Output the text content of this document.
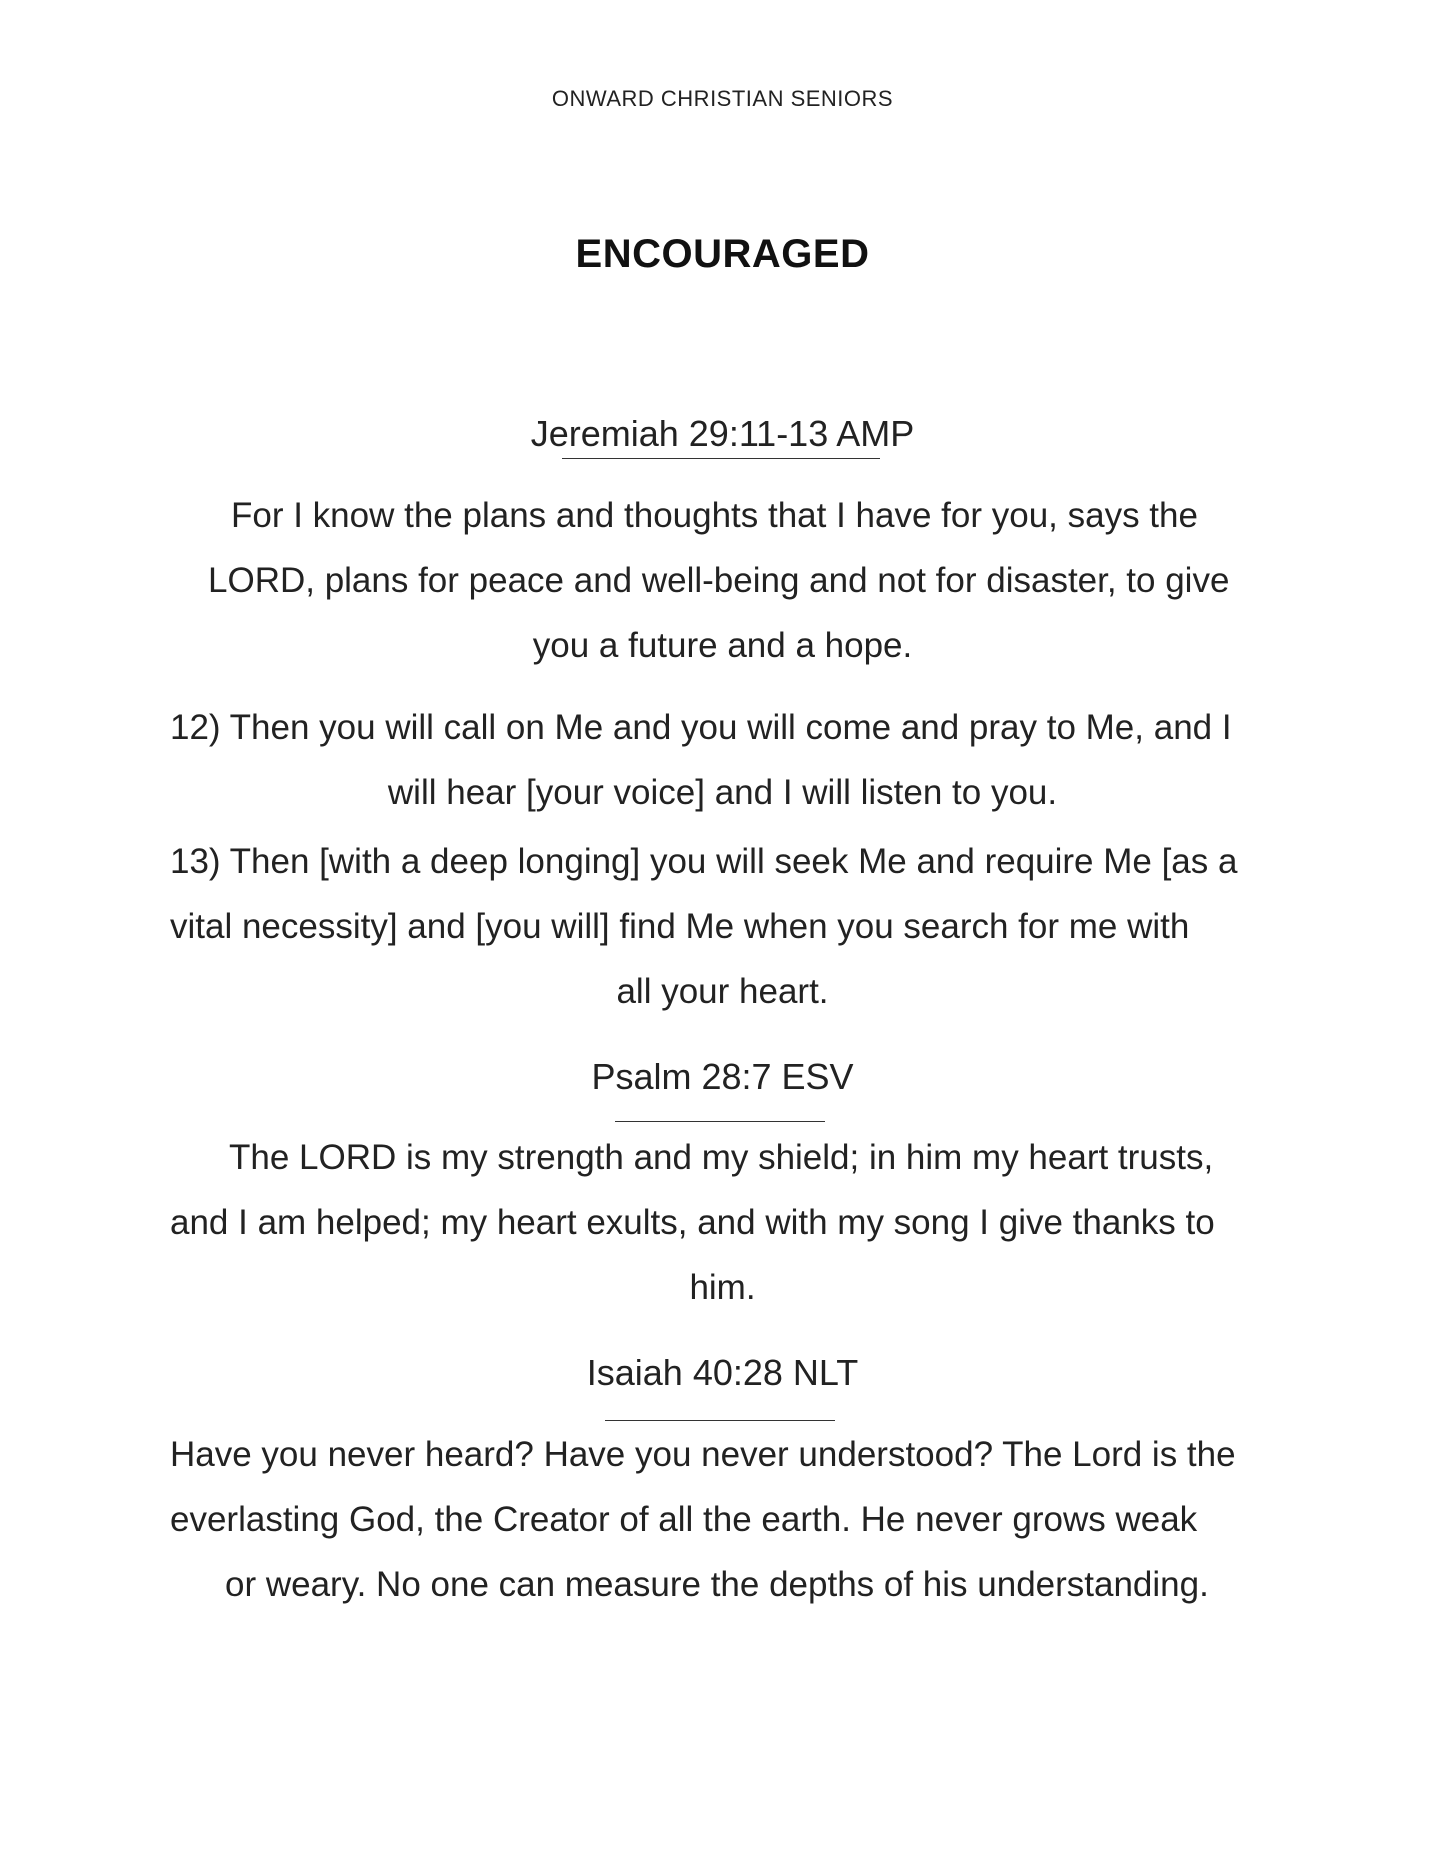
ONWARD CHRISTIAN SENIORS
ENCOURAGED
Jeremiah 29:11-13 AMP
For I know the plans and thoughts that I have for you, says the
LORD, plans for peace and well-being and not for disaster, to give
you a future and a hope.
12) Then you will call on Me and you will come and pray to Me, and I
will hear [your voice] and I will listen to you.
13) Then [with a deep longing] you will seek Me and require Me [as a
vital necessity] and [you will] find Me when you search for me with
all your heart.
Psalm 28:7 ESV
The LORD is my strength and my shield; in him my heart trusts,
and I am helped; my heart exults, and with my song I give thanks to
him.
Isaiah 40:28 NLT
Have you never heard? Have you never understood? The Lord is the
everlasting God, the Creator of all the earth. He never grows weak
or weary. No one can measure the depths of his understanding.
